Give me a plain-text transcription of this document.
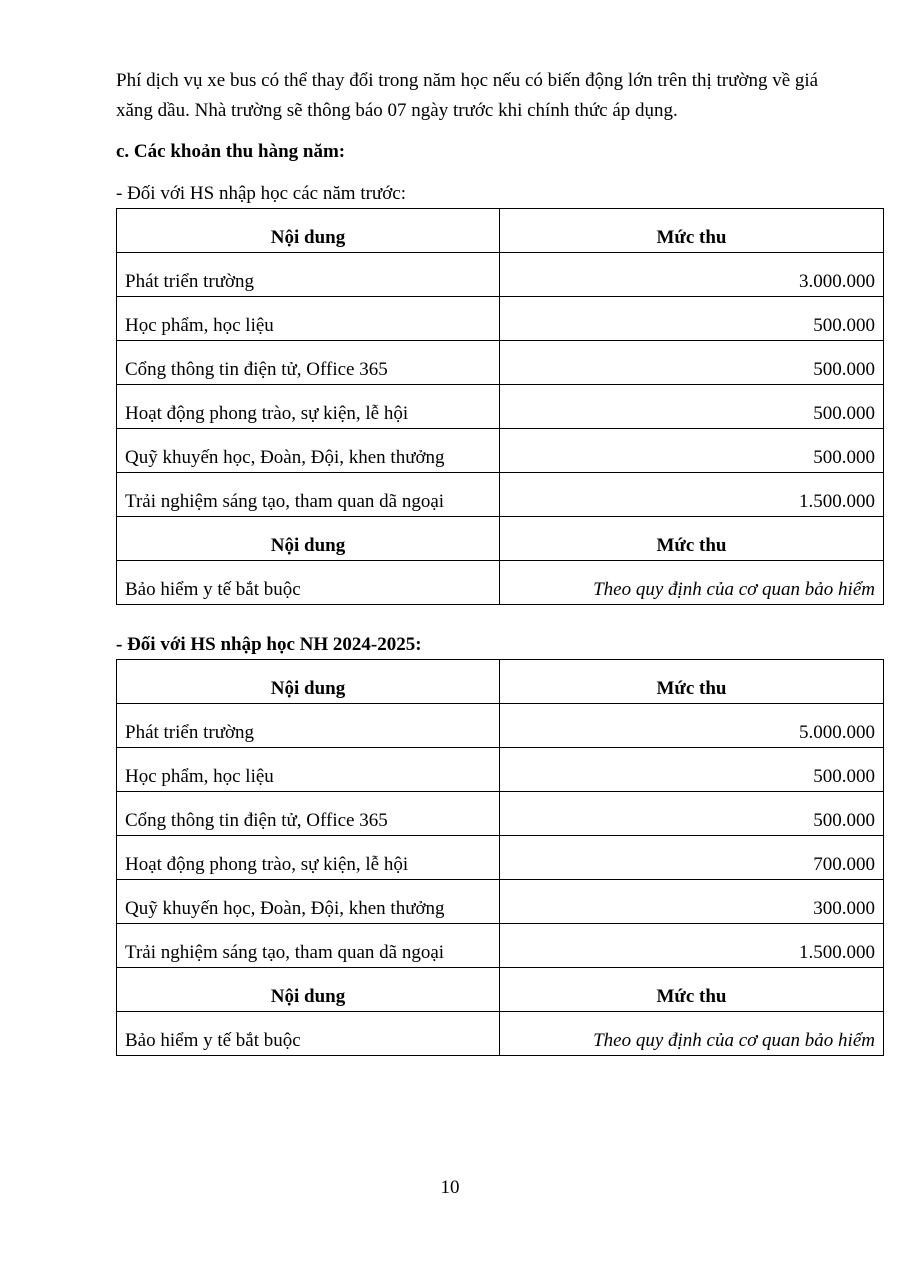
Phí dịch vụ xe bus có thể thay đổi trong năm học nếu có biến động lớn trên thị trường về giá
xăng dầu. Nhà trường sẽ thông báo 07 ngày trước khi chính thức áp dụng.

c. Các khoản thu hàng năm:

- Đối với HS nhập học các năm trước:

Nội dung	Mức thu
Phát triển trường	3.000.000
Học phẩm, học liệu	500.000
Cổng thông tin điện tử, Office 365	500.000
Hoạt động phong trào, sự kiện, lễ hội	500.000
Quỹ khuyến học, Đoàn, Đội, khen thưởng	500.000
Trải nghiệm sáng tạo, tham quan dã ngoại	1.500.000
Nội dung	Mức thu
Bảo hiểm y tế bắt buộc	Theo quy định của cơ quan bảo hiểm

- Đối với HS nhập học NH 2024-2025:

Nội dung	Mức thu
Phát triển trường	5.000.000
Học phẩm, học liệu	500.000
Cổng thông tin điện tử, Office 365	500.000
Hoạt động phong trào, sự kiện, lễ hội	700.000
Quỹ khuyến học, Đoàn, Đội, khen thưởng	300.000
Trải nghiệm sáng tạo, tham quan dã ngoại	1.500.000
Nội dung	Mức thu
Bảo hiểm y tế bắt buộc	Theo quy định của cơ quan bảo hiểm
10
